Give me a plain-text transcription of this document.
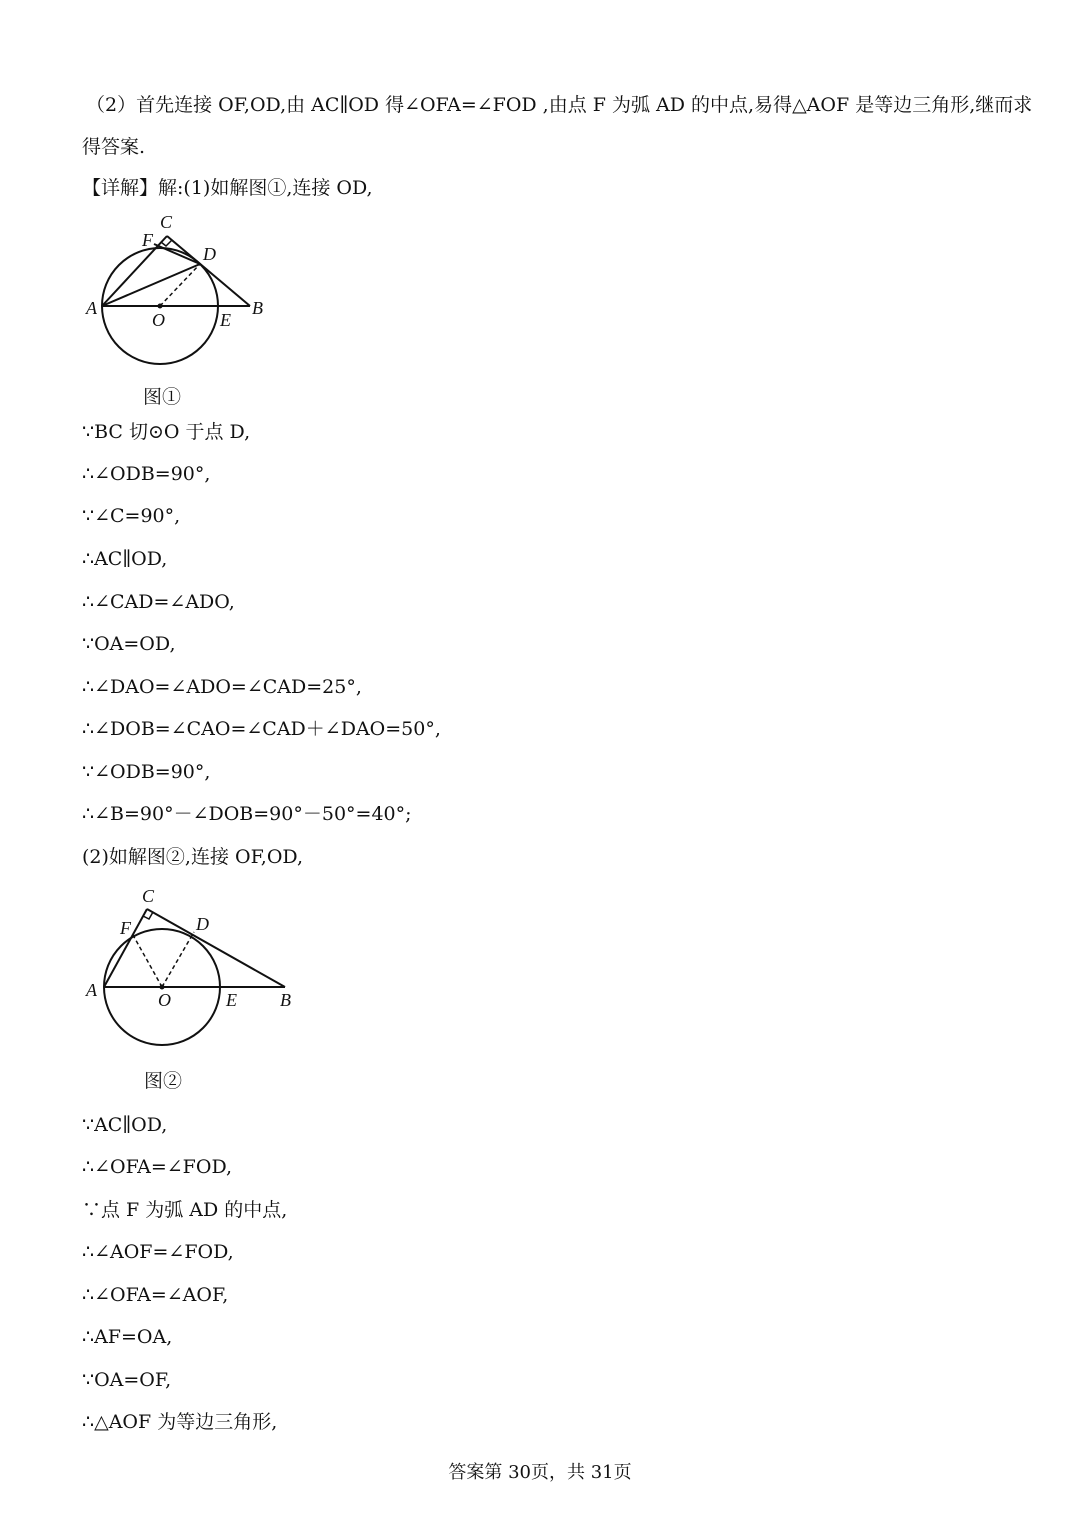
（2）首先连接 OF,OD,由 AC∥OD 得∠OFA=∠FOD ,由点 F 为弧 AD 的中点,易得△AOF 是等边三角形,继而求
得答案.
【详解】解:(1)如解图①,连接 OD,
C
F
D
A
O	E
B
图①
∵BC 切⊙O 于点 D,
∴∠ODB=90°,
∵∠C=90°,
∴AC∥OD,
∴∠CAD=∠ADO,
∵OA=OD,
∴∠DAO=∠ADO=∠CAD=25°,
∴∠DOB=∠CAO=∠CAD＋∠DAO=50°,
∵∠ODB=90°,
∴∠B=90°－∠DOB=90°－50°=40°;
(2)如解图②,连接 OF,OD,
C
F	D
A	O	E B
图②
∵AC∥OD,
∴∠OFA=∠FOD,
∵点 F 为弧 AD 的中点,
∴∠AOF=∠FOD,
∴∠OFA=∠AOF,
∴AF=OA,
∵OA=OF,
∴△AOF 为等边三角形,
答案第 30页，共 31页
